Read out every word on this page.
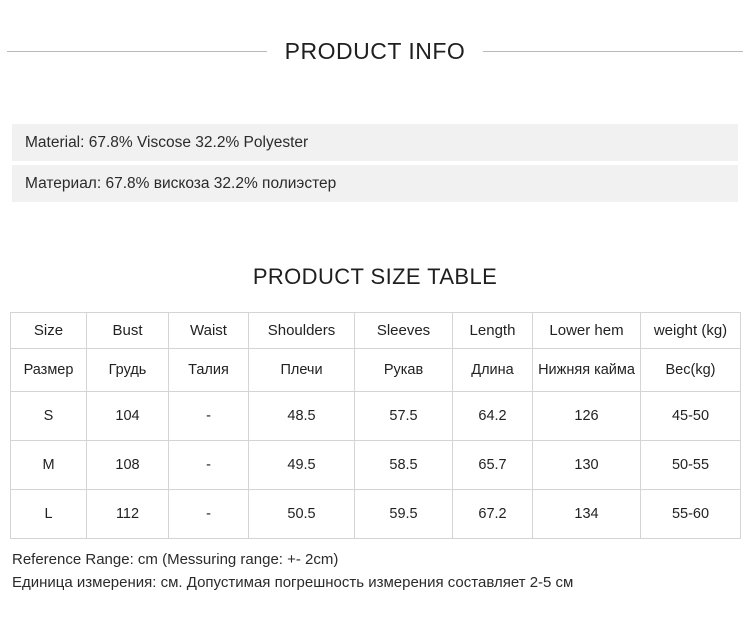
PRODUCT INFO
Material: 67.8% Viscose 32.2% Polyester
Материал: 67.8% вискоза 32.2% полиэстер
PRODUCT SIZE TABLE
Size	Bust	Waist	Shoulders	Sleeves	Length	Lower hem	weight (kg)
Размер	Грудь	Талия	Плечи	Рукав	Длина	Нижняя кайма	Вес(kg)
S	104	-	48.5	57.5	64.2	126	45-50
M	108	-	49.5	58.5	65.7	130	50-55
L	112	-	50.5	59.5	67.2	134	55-60
Reference Range: cm (Messuring range: +- 2cm)
Единица измерения: см. Допустимая погрешность измерения составляет 2-5 см
